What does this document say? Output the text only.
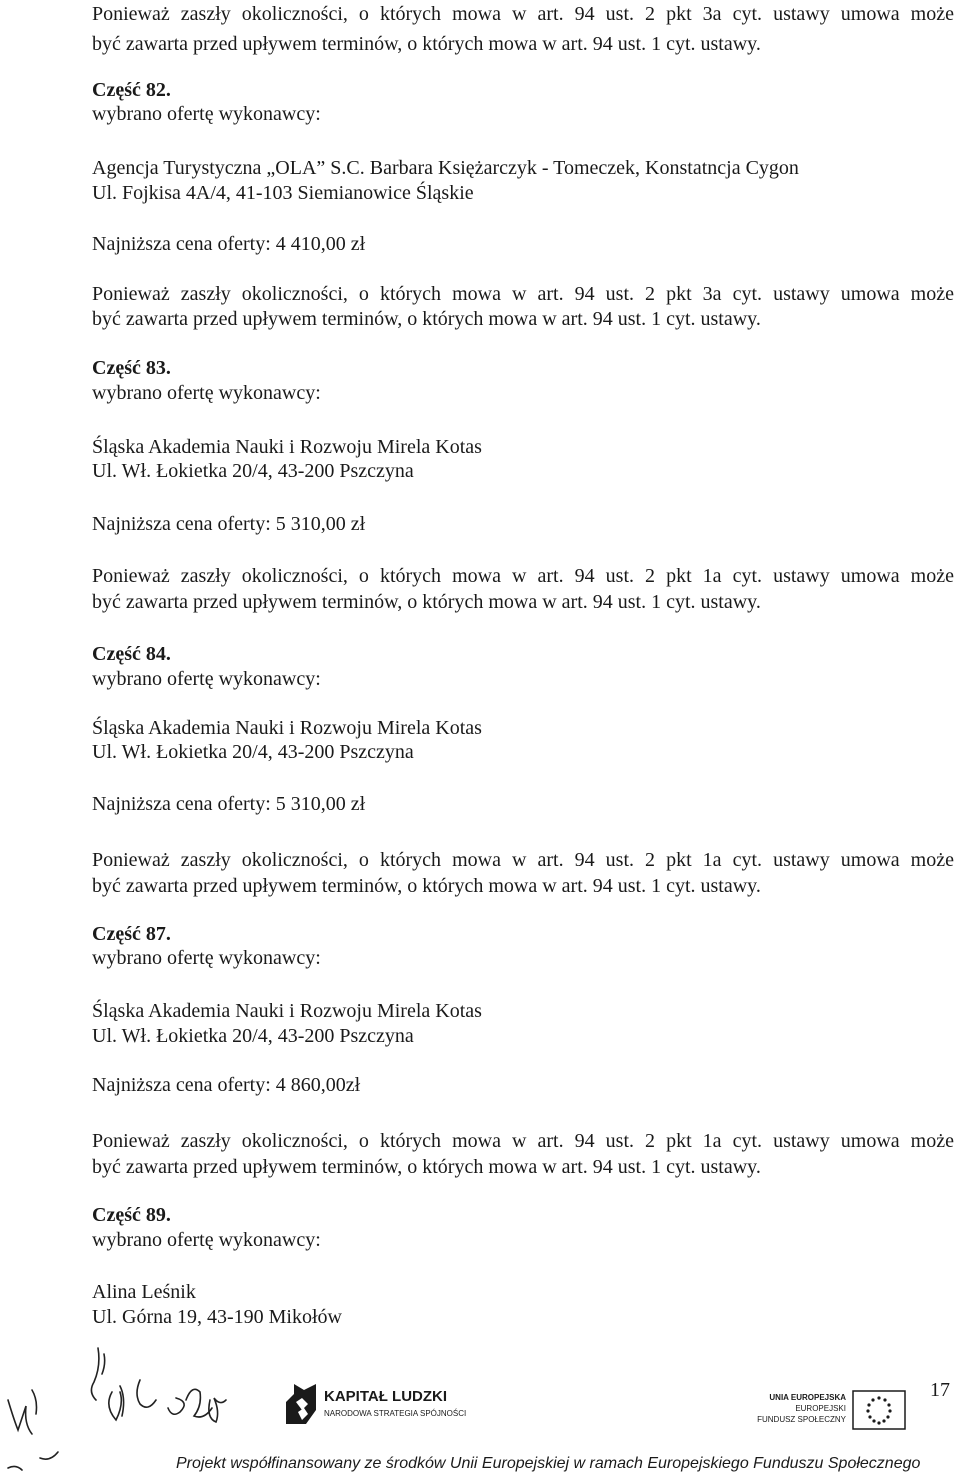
Ponieważ zaszły okoliczności, o których mowa w art. 94 ust. 2 pkt 3a cyt. ustawy umowa może
być zawarta przed upływem terminów, o których mowa w art. 94 ust. 1 cyt. ustawy.
Część 82.
wybrano ofertę wykonawcy:
Agencja Turystyczna „OLA” S.C. Barbara Księżarczyk - Tomeczek, Konstatncja Cygon
Ul. Fojkisa 4A/4, 41-103 Siemianowice Śląskie
Najniższa cena oferty: 4 410,00 zł
Ponieważ zaszły okoliczności, o których mowa w art. 94 ust. 2 pkt 3a cyt. ustawy umowa może
być zawarta przed upływem terminów, o których mowa w art. 94 ust. 1 cyt. ustawy.
Część 83.
wybrano ofertę wykonawcy:
Śląska Akademia Nauki i Rozwoju Mirela Kotas
Ul. Wł. Łokietka 20/4, 43-200 Pszczyna
Najniższa cena oferty: 5 310,00 zł
Ponieważ zaszły okoliczności, o których mowa w art. 94 ust. 2 pkt 1a cyt. ustawy umowa może
być zawarta przed upływem terminów, o których mowa w art. 94 ust. 1 cyt. ustawy.
Część 84.
wybrano ofertę wykonawcy:
Śląska Akademia Nauki i Rozwoju Mirela Kotas
Ul. Wł. Łokietka 20/4, 43-200 Pszczyna
Najniższa cena oferty: 5 310,00 zł
Ponieważ zaszły okoliczności, o których mowa w art. 94 ust. 2 pkt 1a cyt. ustawy umowa może
być zawarta przed upływem terminów, o których mowa w art. 94 ust. 1 cyt. ustawy.
Część 87.
wybrano ofertę wykonawcy:
Śląska Akademia Nauki i Rozwoju Mirela Kotas
Ul. Wł. Łokietka 20/4, 43-200 Pszczyna
Najniższa cena oferty: 4 860,00zł
Ponieważ zaszły okoliczności, o których mowa w art. 94 ust. 2 pkt 1a cyt. ustawy umowa może
być zawarta przed upływem terminów, o których mowa w art. 94 ust. 1 cyt. ustawy.
Część 89.
wybrano ofertę wykonawcy:
Alina Leśnik
Ul. Górna 19, 43-190 Mikołów
17
KAPITAŁ LUDZKI
NARODOWA STRATEGIA SPÓJNOŚCI
UNIA EUROPEJSKA
EUROPEJSKI
FUNDUSZ SPOŁECZNY
Projekt współfinansowany ze środków Unii Europejskiej w ramach Europejskiego Funduszu Społecznego
